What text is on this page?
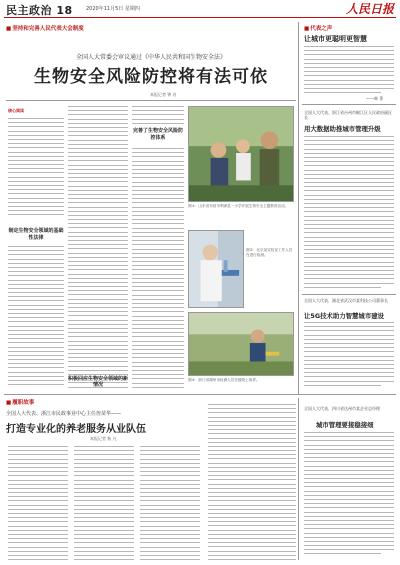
民主政治 18	2020年11月5日 星期四	人民日报
■ 坚持和完善人民代表大会制度
全国人大常委会审议通过《中华人民共和国生物安全法》
生物安全风险防控将有法可依
本报记者 钟 音
核心阅读
制定生物安全领域的基础性法律
完善了生物安全风险防控体系
图①：山东省东营市利津县一小学开展生物安全主题教育活动。
图②：北京某实验室工作人员在进行检测。
图③：浙江省湖州市检测人员在植物上取样。
积极回应生物安全领域的新情况
■ 代表之声
让城市更聪明更智慧
——韩 菁
全国人大代表、浙江省台州市椒江区人民政府副区长
用大数据助推城市管理升级
全国人大代表、湖北省武汉市某科技公司董事长
让5G技术助力智慧城市建设
■ 履职故事
全国人大代表、浙江市民政事业中心主任詹苗华——
打造专业化的养老服务从业队伍
本报记者 秋 凡
全国人大代表、四川省达州市某企业总经理
城市管理要接稳接细
